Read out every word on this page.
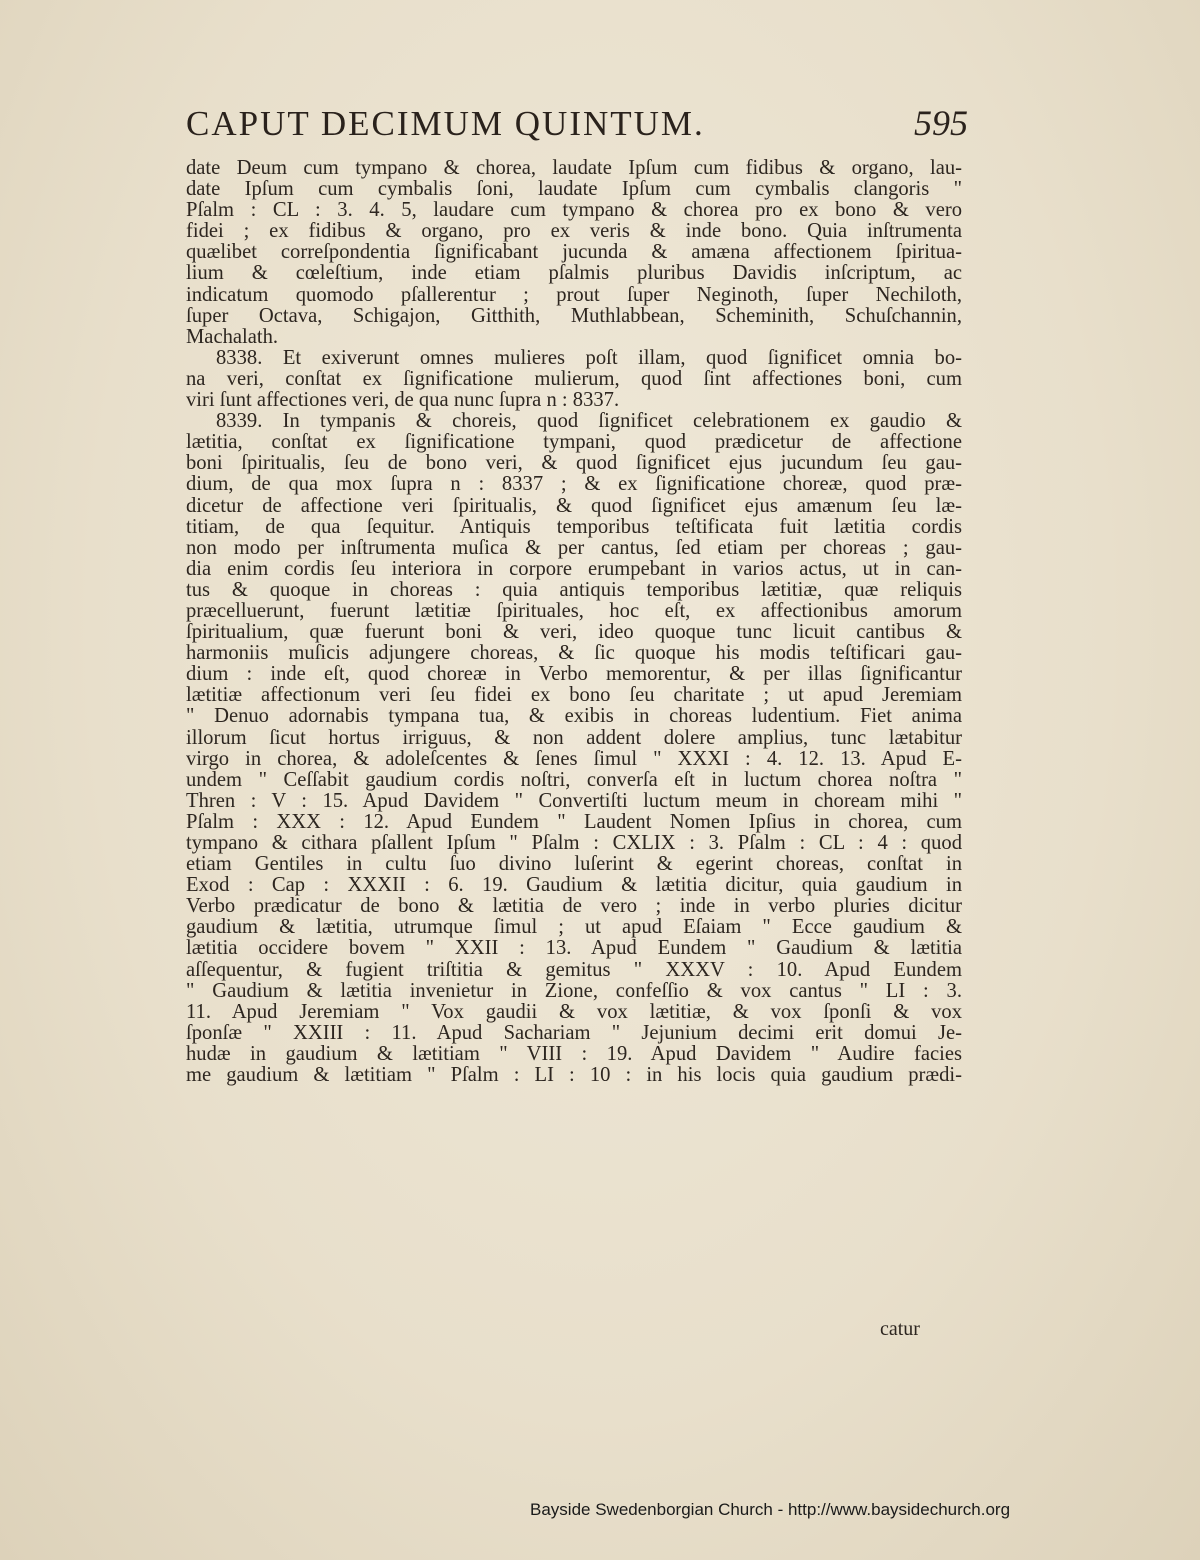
CAPUT DECIMUM QUINTUM.	595
date Deum cum tympano & chorea, laudate Ipſum cum fidibus & organo, lau-
date Ipſum cum cymbalis ſoni, laudate Ipſum cum cymbalis clangoris "
Pſalm : CL : 3. 4. 5, laudare cum tympano & chorea pro ex bono & vero
fidei ; ex fidibus & organo, pro ex veris & inde bono. Quia inſtrumenta
quælibet correſpondentia ſignificabant jucunda & amæna affectionem ſpiritua-
lium & cœleſtium, inde etiam pſalmis pluribus Davidis inſcriptum, ac
indicatum quomodo pſallerentur ; prout ſuper Neginoth, ſuper Nechiloth,
ſuper Octava, Schigajon, Gitthith, Muthlabbean, Scheminith, Schuſchannin,
Machalath.
8338. Et exiverunt omnes mulieres poſt illam, quod ſignificet omnia bo-
na veri, conſtat ex ſignificatione mulierum, quod ſint affectiones boni, cum
viri ſunt affectiones veri, de qua nunc ſupra n : 8337.
8339. In tympanis & choreis, quod ſignificet celebrationem ex gaudio &
lætitia, conſtat ex ſignificatione tympani, quod prædicetur de affectione
boni ſpiritualis, ſeu de bono veri, & quod ſignificet ejus jucundum ſeu gau-
dium, de qua mox ſupra n : 8337 ; & ex ſignificatione choreæ, quod præ-
dicetur de affectione veri ſpiritualis, & quod ſignificet ejus amænum ſeu læ-
titiam, de qua ſequitur. Antiquis temporibus teſtificata fuit lætitia cordis
non modo per inſtrumenta muſica & per cantus, ſed etiam per choreas ; gau-
dia enim cordis ſeu interiora in corpore erumpebant in varios actus, ut in can-
tus & quoque in choreas : quia antiquis temporibus lætitiæ, quæ reliquis
præcelluerunt, fuerunt lætitiæ ſpirituales, hoc eſt, ex affectionibus amorum
ſpiritualium, quæ fuerunt boni & veri, ideo quoque tunc licuit cantibus &
harmoniis muſicis adjungere choreas, & ſic quoque his modis teſtificari gau-
dium : inde eſt, quod choreæ in Verbo memorentur, & per illas ſignificantur
lætitiæ affectionum veri ſeu fidei ex bono ſeu charitate ; ut apud Jeremiam
" Denuo adornabis tympana tua, & exibis in choreas ludentium. Fiet anima
illorum ſicut hortus irriguus, & non addent dolere amplius, tunc lætabitur
virgo in chorea, & adoleſcentes & ſenes ſimul " XXXI : 4. 12. 13. Apud E-
undem " Ceſſabit gaudium cordis noſtri, converſa eſt in luctum chorea noſtra "
Thren : V : 15. Apud Davidem " Convertiſti luctum meum in choream mihi "
Pſalm : XXX : 12. Apud Eundem " Laudent Nomen Ipſius in chorea, cum
tympano & cithara pſallent Ipſum " Pſalm : CXLIX : 3. Pſalm : CL : 4 : quod
etiam Gentiles in cultu ſuo divino luſerint & egerint choreas, conſtat in
Exod : Cap : XXXII : 6. 19. Gaudium & lætitia dicitur, quia gaudium in
Verbo prædicatur de bono & lætitia de vero ; inde in verbo pluries dicitur
gaudium & lætitia, utrumque ſimul ; ut apud Eſaiam " Ecce gaudium &
lætitia occidere bovem " XXII : 13. Apud Eundem " Gaudium & lætitia
aſſequentur, & fugient triſtitia & gemitus " XXXV : 10. Apud Eundem
" Gaudium & lætitia invenietur in Zione, confeſſio & vox cantus " LI : 3.
11. Apud Jeremiam " Vox gaudii & vox lætitiæ, & vox ſponſi & vox
ſponſæ " XXIII : 11. Apud Sachariam " Jejunium decimi erit domui Je-
hudæ in gaudium & lætitiam " VIII : 19. Apud Davidem " Audire facies
me gaudium & lætitiam " Pſalm : LI : 10 : in his locis quia gaudium prædi-
catur
Bayside Swedenborgian Church - http://www.baysidechurch.org
